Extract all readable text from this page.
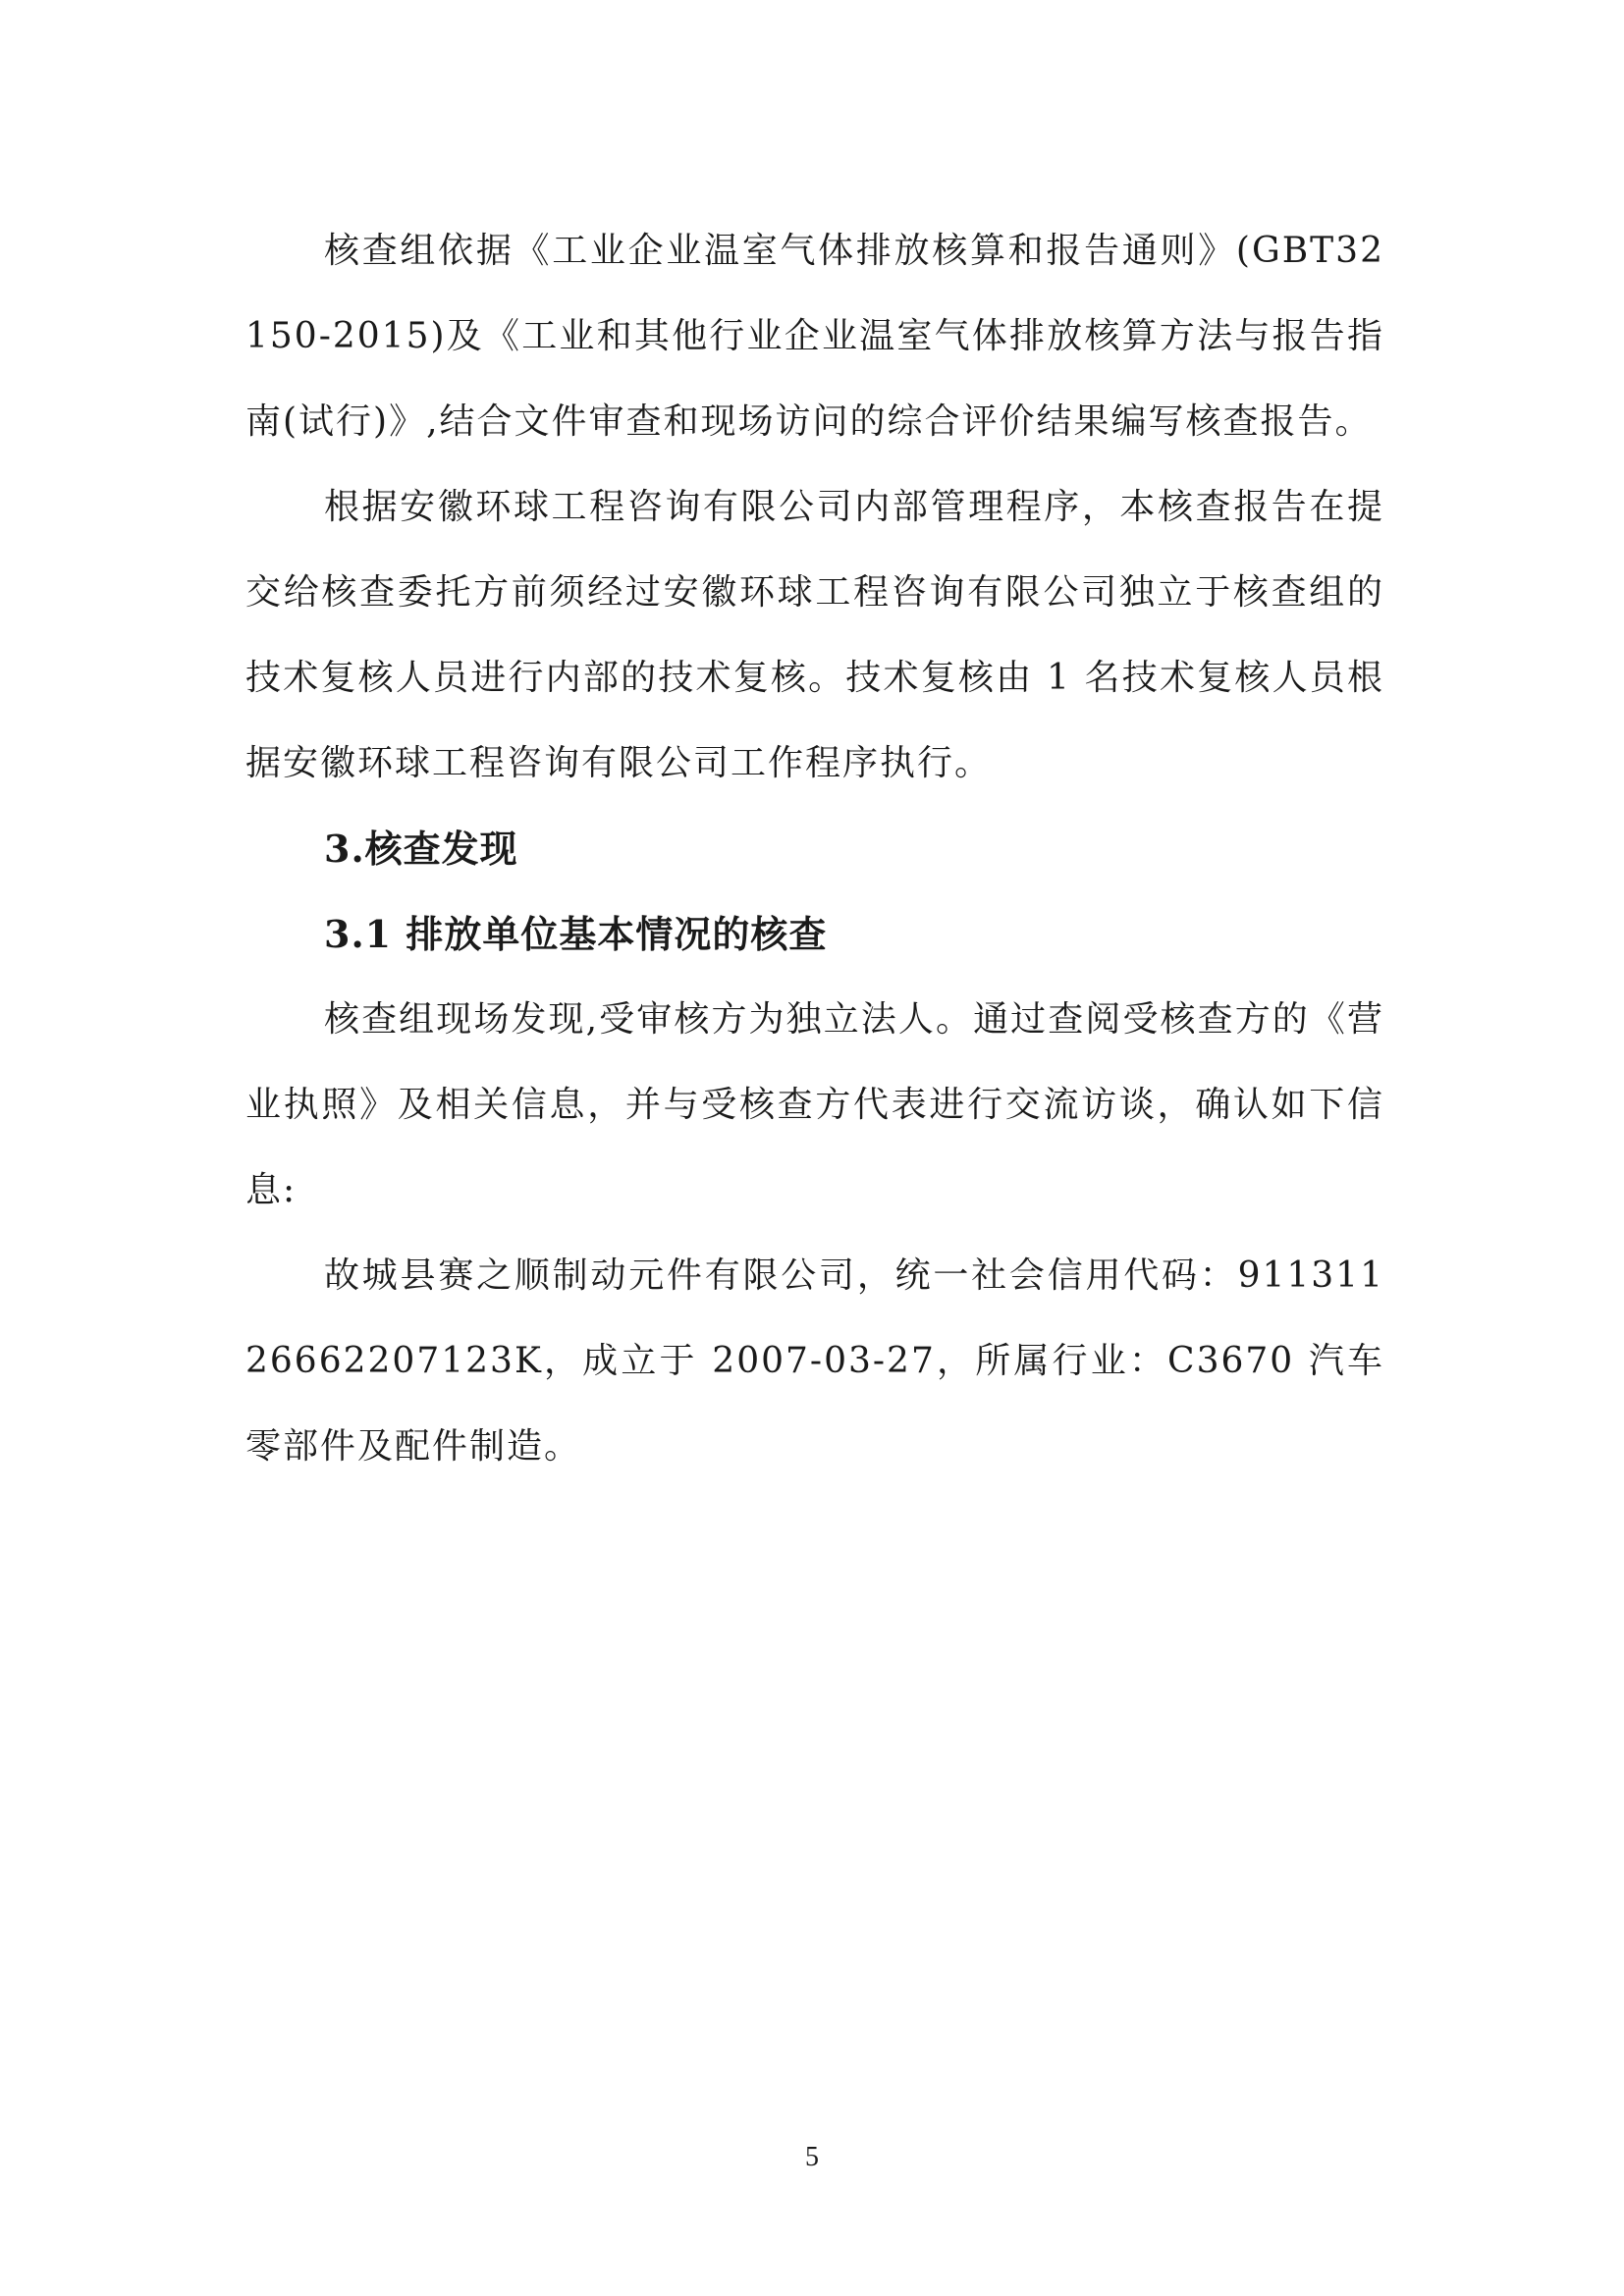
核查组依据《工业企业温室气体排放核算和报告通则》(GBT32150-2015)及《工业和其他行业企业温室气体排放核算方法与报告指南(试行)》,结合文件审查和现场访问的综合评价结果编写核查报告。

根据安徽环球工程咨询有限公司内部管理程序，本核查报告在提交给核查委托方前须经过安徽环球工程咨询有限公司独立于核查组的技术复核人员进行内部的技术复核。技术复核由 1 名技术复核人员根据安徽环球工程咨询有限公司工作程序执行。

3.核查发现

3.1 排放单位基本情况的核查

核查组现场发现,受审核方为独立法人。通过查阅受核查方的《营业执照》及相关信息，并与受核查方代表进行交流访谈，确认如下信息:

故城县赛之顺制动元件有限公司，统一社会信用代码：91131126662207123K，成立于 2007-03-27，所属行业：C3670 汽车零部件及配件制造。

5
